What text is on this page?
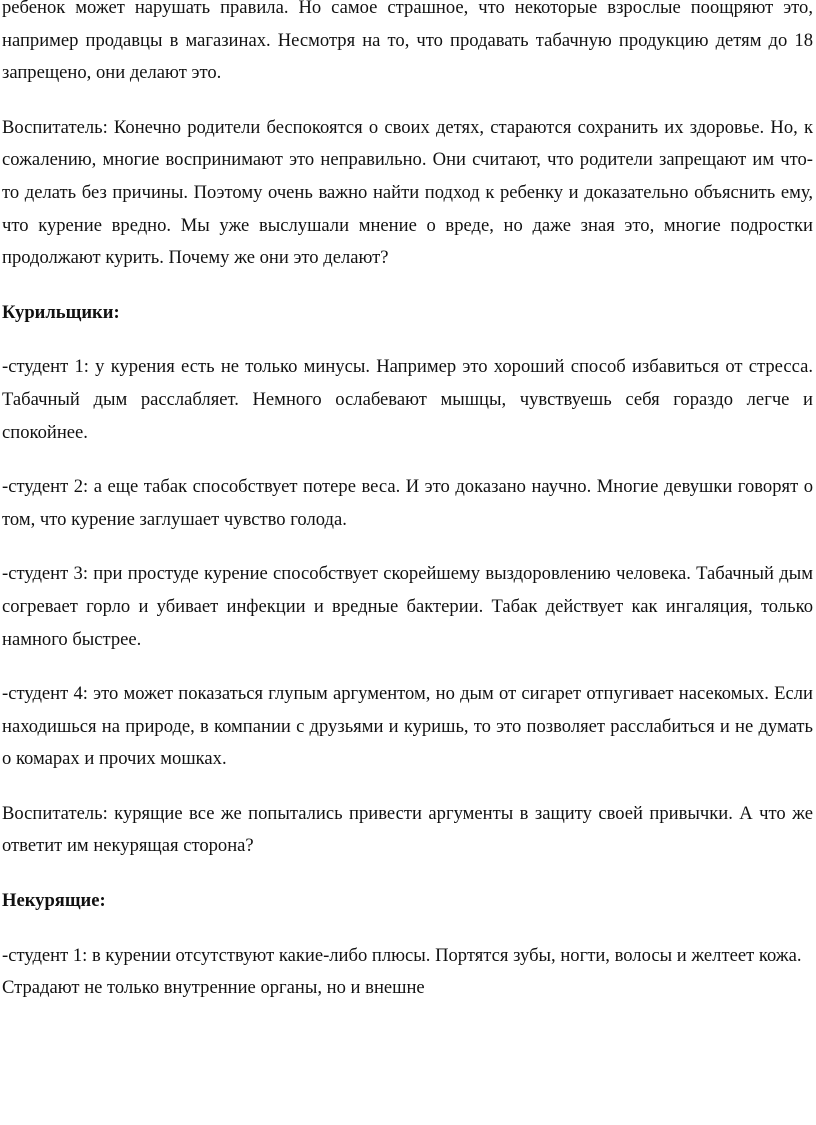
ребенок может нарушать правила. Но самое страшное, что некоторые взрослые поощряют это, например продавцы в магазинах. Несмотря на то, что продавать табачную продукцию детям до 18 запрещено, они делают это.

Воспитатель: Конечно родители беспокоятся о своих детях, стараются сохранить их здоровье. Но, к сожалению, многие воспринимают это неправильно. Они считают, что родители запрещают им что-то делать без причины. Поэтому очень важно найти подход к ребенку и доказательно объяснить ему, что курение вредно. Мы уже выслушали мнение о вреде, но даже зная это, многие подростки продолжают курить. Почему же они это делают?

Курильщики:

-студент 1: у курения есть не только минусы. Например это хороший способ избавиться от стресса. Табачный дым расслабляет. Немного ослабевают мышцы, чувствуешь себя гораздо легче и спокойнее.

-студент 2: а еще табак способствует потере веса. И это доказано научно. Многие девушки говорят о том, что курение заглушает чувство голода.

-студент 3: при простуде курение способствует скорейшему выздоровлению человека. Табачный дым согревает горло и убивает инфекции и вредные бактерии. Табак действует как ингаляция, только намного быстрее.

-студент 4: это может показаться глупым аргументом, но дым от сигарет отпугивает насекомых. Если находишься на природе, в компании с друзьями и куришь, то это позволяет расслабиться и не думать о комарах и прочих мошках.

Воспитатель: курящие все же попытались привести аргументы в защиту своей привычки. А что же ответит им некурящая сторона?

Некурящие:

-студент 1: в курении отсутствуют какие-либо плюсы. Портятся зубы, ногти, волосы и желтеет кожа. Страдают не только внутренние органы, но и внешне
